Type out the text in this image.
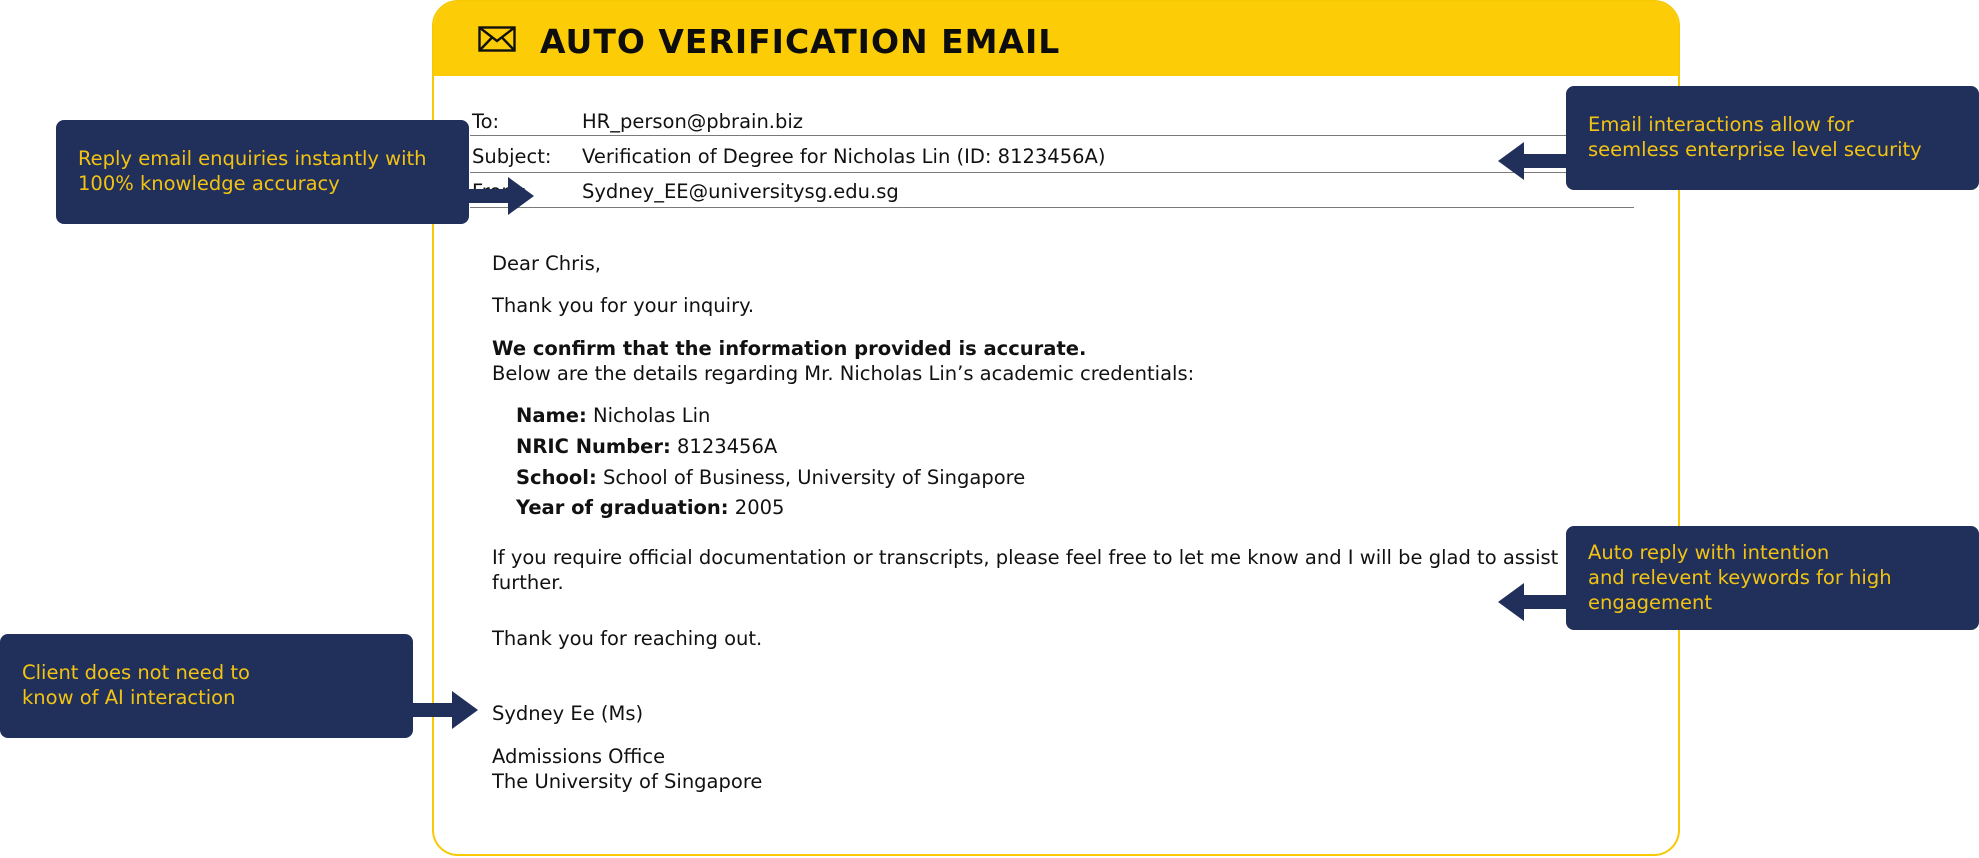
AUTO VERIFICATION EMAIL
To:	HR_person@pbrain.biz
Subject: Verification of Degree for Nicholas Lin (ID: 8123456A)
Sydney_EE@universitysg.edu.sg
Dear Chris,
Thank you for your inquiry.
We confirm that the information provided is accurate.
Below are the details regarding Mr. Nicholas Lin’s academic credentials:
Name: Nicholas Lin
NRIC Number: 8123456A
School: School of Business, University of Singapore
Year of graduation: 2005
If you require official documentation or transcripts, please feel free to let me know and I will be glad to assist
further.
Thank you for reaching out.
Sydney Ee (Ms)
Admissions Office
The University of Singapore
Reply email enquiries instantly with
100% knowledge accuracy
Email interactions allow for
seemless enterprise level security
Auto reply with intention
and relevent keywords for high
engagement
Client does not need to
know of AI interaction
